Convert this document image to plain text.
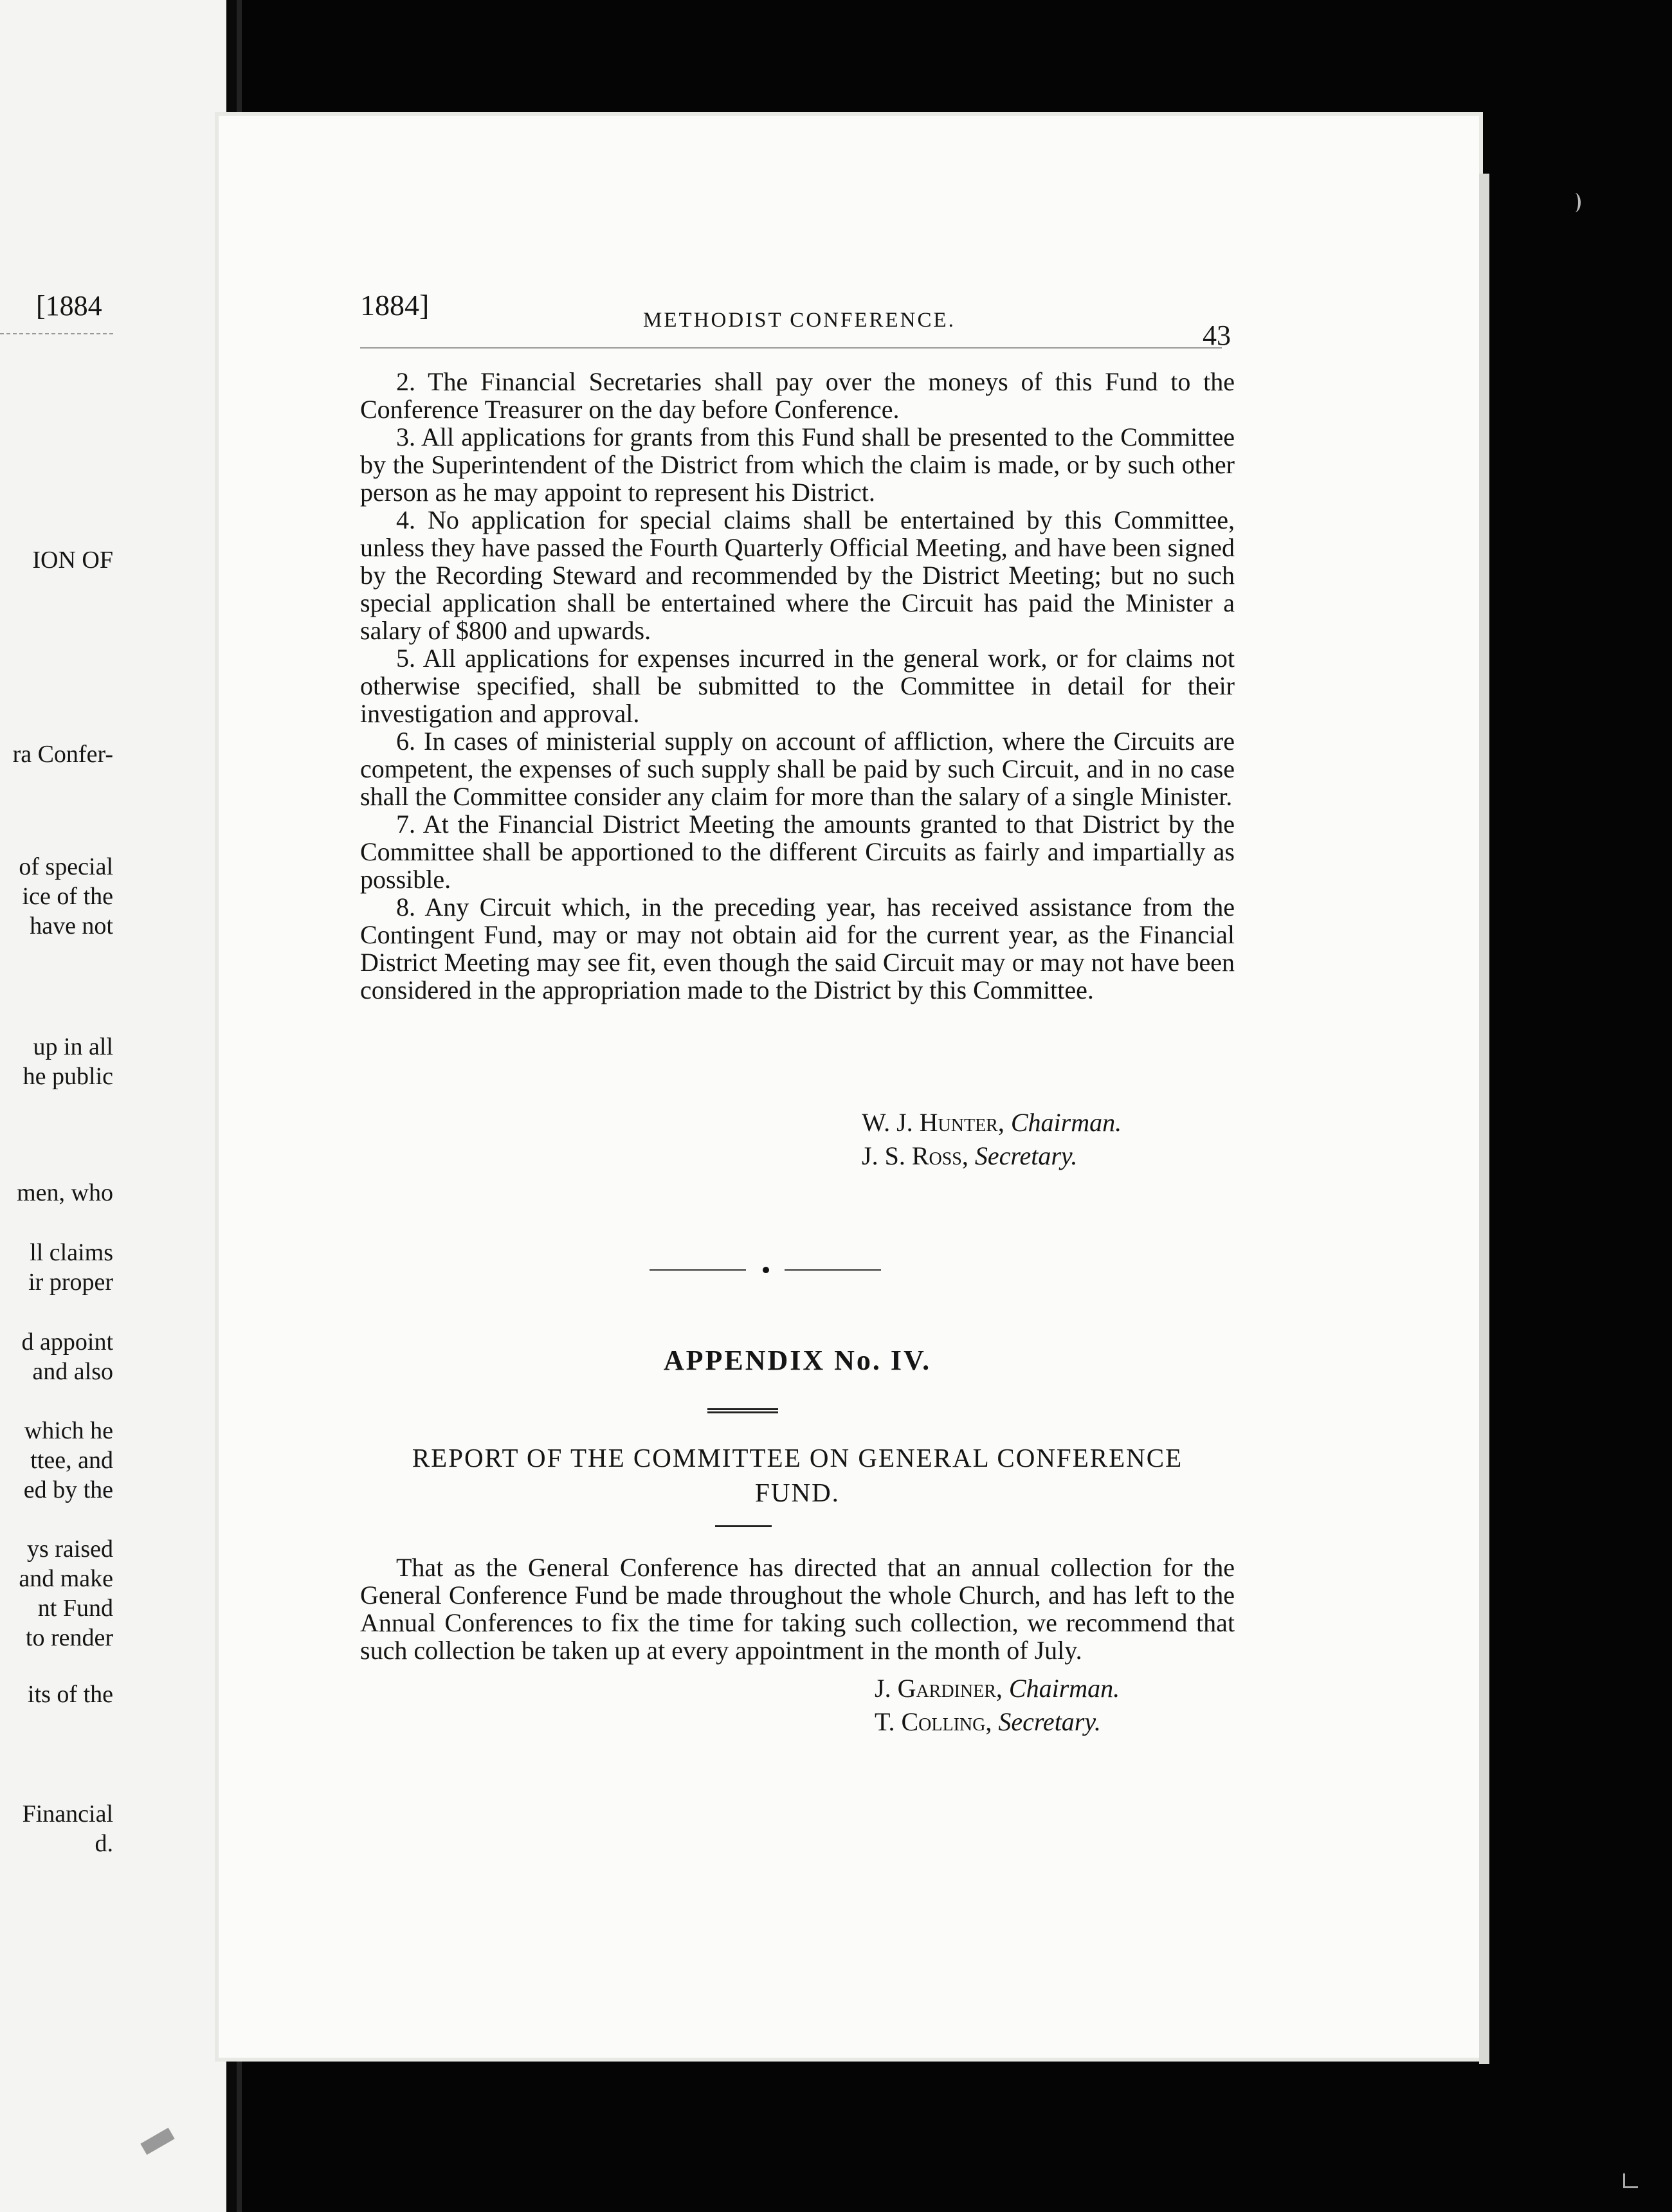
[1884
ION OF
ra Confer-
of special
ice of the
have not
up in all
he public
men, who
ll claims
ir proper
d appoint
and also
which he
ttee, and
ed by the
ys raised
and make
nt Fund
to render
its of the
Financial
d.
1884]	METHODIST CONFERENCE.	43

2. The Financial Secretaries shall pay over the moneys of this Fund to the Conference Treasurer on the day before Conference.

3. All applications for grants from this Fund shall be presented to the Committee by the Superintendent of the District from which the claim is made, or by such other person as he may appoint to represent his District.

4. No application for special claims shall be entertained by this Committee, unless they have passed the Fourth Quarterly Official Meeting, and have been signed by the Recording Steward and recommended by the District Meeting; but no such special application shall be entertained where the Circuit has paid the Minister a salary of $800 and upwards.

5. All applications for expenses incurred in the general work, or for claims not otherwise specified, shall be submitted to the Committee in detail for their investigation and approval.

6. In cases of ministerial supply on account of affliction, where the Circuits are competent, the expenses of such supply shall be paid by such Circuit, and in no case shall the Committee consider any claim for more than the salary of a single Minister.

7. At the Financial District Meeting the amounts granted to that District by the Committee shall be apportioned to the different Circuits as fairly and impartially as possible.

8. Any Circuit which, in the preceding year, has received assistance from the Contingent Fund, may or may not obtain aid for the current year, as the Financial District Meeting may see fit, even though the said Circuit may or may not have been considered in the appropriation made to the District by this Committee.

W. J. Hunter, Chairman.
J. S. Ross, Secretary.
APPENDIX No. IV.
REPORT OF THE COMMITTEE ON GENERAL CONFERENCE
FUND.

That as the General Conference has directed that an annual collection for the General Conference Fund be made throughout the whole Church, and has left to the Annual Conferences to fix the time for taking such collection, we recommend that such collection be taken up at every appointment in the month of July.

J. Gardiner, Chairman.
T. Colling, Secretary.
